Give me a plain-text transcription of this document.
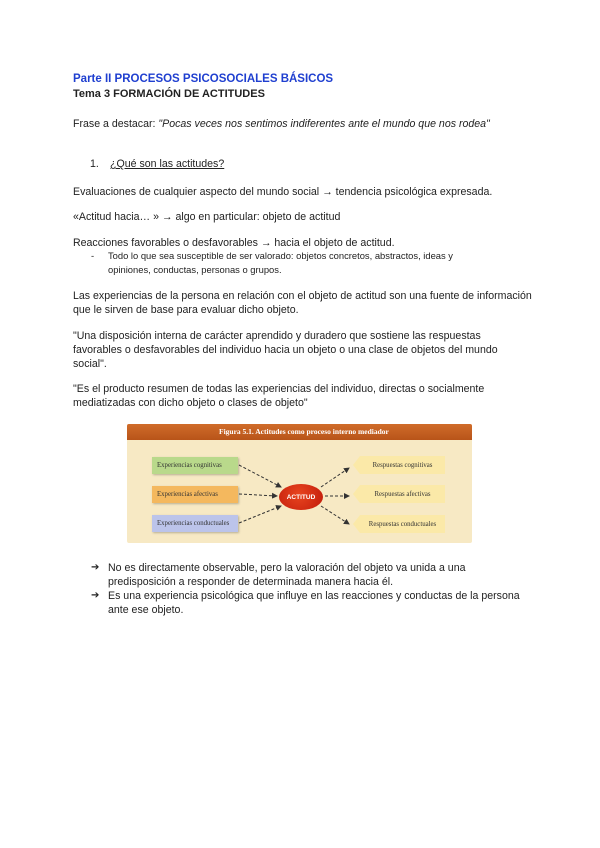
Parte II PROCESOS PSICOSOCIALES BÁSICOS
Tema 3 FORMACIÓN DE ACTITUDES
Frase a destacar: "Pocas veces nos sentimos indiferentes ante el mundo que nos rodea"
1. ¿Qué son las actitudes?
Evaluaciones de cualquier aspecto del mundo social → tendencia psicológica expresada.
«Actitud hacia… » → algo en particular: objeto de actitud
Reacciones favorables o desfavorables → hacia el objeto de actitud.
- Todo lo que sea susceptible de ser valorado: objetos concretos, abstractos, ideas y
opiniones, conductas, personas o grupos.
Las experiencias de la persona en relación con el objeto de actitud son una fuente de información
que le sirven de base para evaluar dicho objeto.
"Una disposición interna de carácter aprendido y duradero que sostiene las respuestas
favorables o desfavorables del individuo hacia un objeto o una clase de objetos del mundo
social".
"Es el producto resumen de todas las experiencias del individuo, directas o socialmente
mediatizadas con dicho objeto o clases de objeto"
Figura 5.1. Actitudes como proceso interno mediador
Experiencias cognitivas
Experiencias afectivas
Experiencias conductuales
ACTITUD
Respuestas cognitivas
Respuestas afectivas
Respuestas conductuales
➔ No es directamente observable, pero la valoración del objeto va unida a una
predisposición a responder de determinada manera hacia él.
➔ Es una experiencia psicológica que influye en las reacciones y conductas de la persona
ante ese objeto.
